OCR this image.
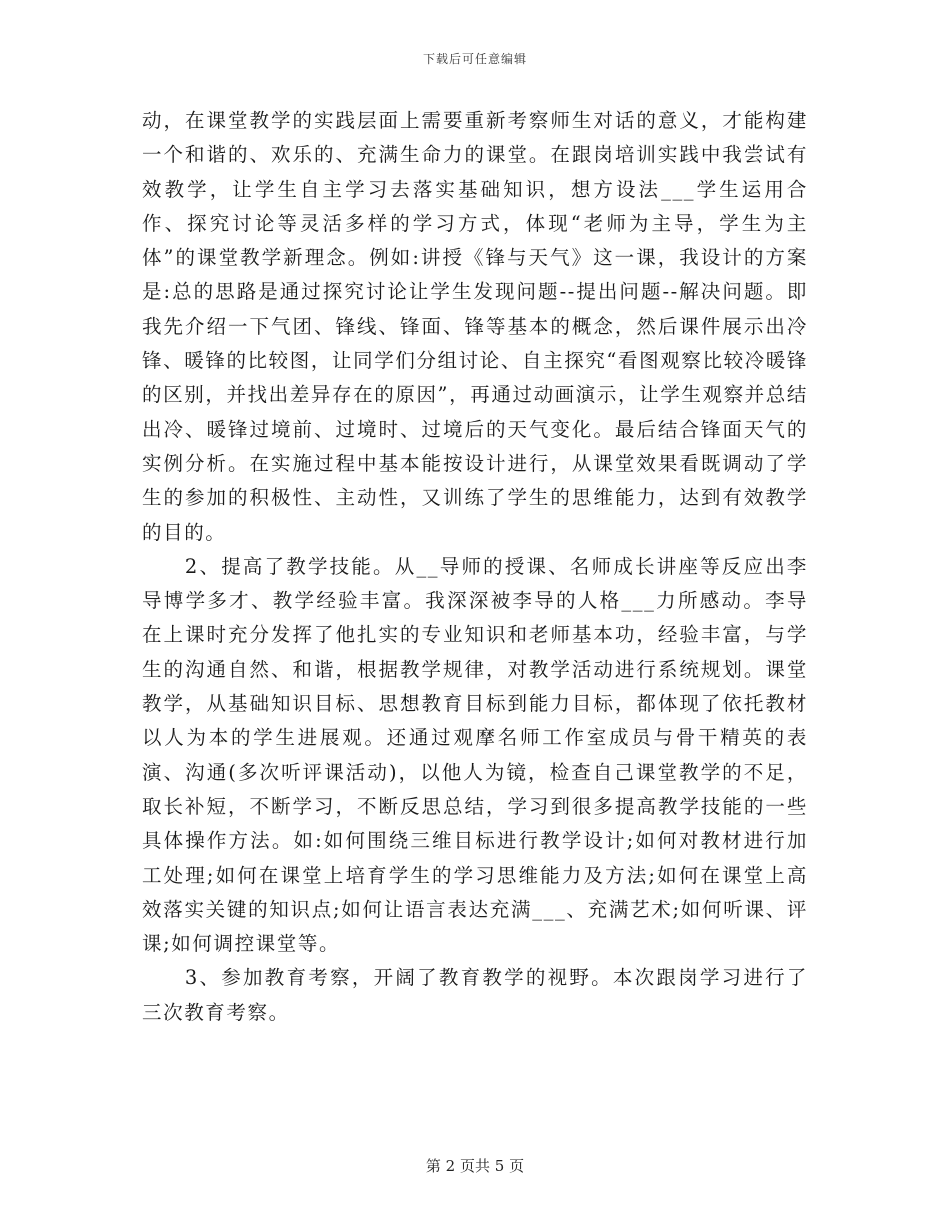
下载后可任意编辑

动，在课堂教学的实践层面上需要重新考察师生对话的意义，才能构建一个和谐的、欢乐的、充满生命力的课堂。在跟岗培训实践中我尝试有效教学，让学生自主学习去落实基础知识，想方设法___学生运用合作、探究讨论等灵活多样的学习方式，体现“老师为主导，学生为主体”的课堂教学新理念。例如:讲授《锋与天气》这一课，我设计的方案是:总的思路是通过探究讨论让学生发现问题--提出问题--解决问题。即我先介绍一下气团、锋线、锋面、锋等基本的概念，然后课件展示出冷锋、暖锋的比较图，让同学们分组讨论、自主探究“看图观察比较冷暖锋的区别，并找出差异存在的原因”，再通过动画演示，让学生观察并总结出冷、暖锋过境前、过境时、过境后的天气变化。最后结合锋面天气的实例分析。在实施过程中基本能按设计进行，从课堂效果看既调动了学生的参加的积极性、主动性，又训练了学生的思维能力，达到有效教学的目的。

2、提高了教学技能。从__导师的授课、名师成长讲座等反应出李导博学多才、教学经验丰富。我深深被李导的人格___力所感动。李导在上课时充分发挥了他扎实的专业知识和老师基本功，经验丰富，与学生的沟通自然、和谐，根据教学规律，对教学活动进行系统规划。课堂教学，从基础知识目标、思想教育目标到能力目标，都体现了依托教材以人为本的学生进展观。还通过观摩名师工作室成员与骨干精英的表演、沟通(多次听评课活动)，以他人为镜，检查自己课堂教学的不足，取长补短，不断学习，不断反思总结，学习到很多提高教学技能的一些具体操作方法。如:如何围绕三维目标进行教学设计;如何对教材进行加工处理;如何在课堂上培育学生的学习思维能力及方法;如何在课堂上高效落实关键的知识点;如何让语言表达充满___、充满艺术;如何听课、评课;如何调控课堂等。

3、参加教育考察，开阔了教育教学的视野。本次跟岗学习进行了三次教育考察。

第 2 页共 5 页
